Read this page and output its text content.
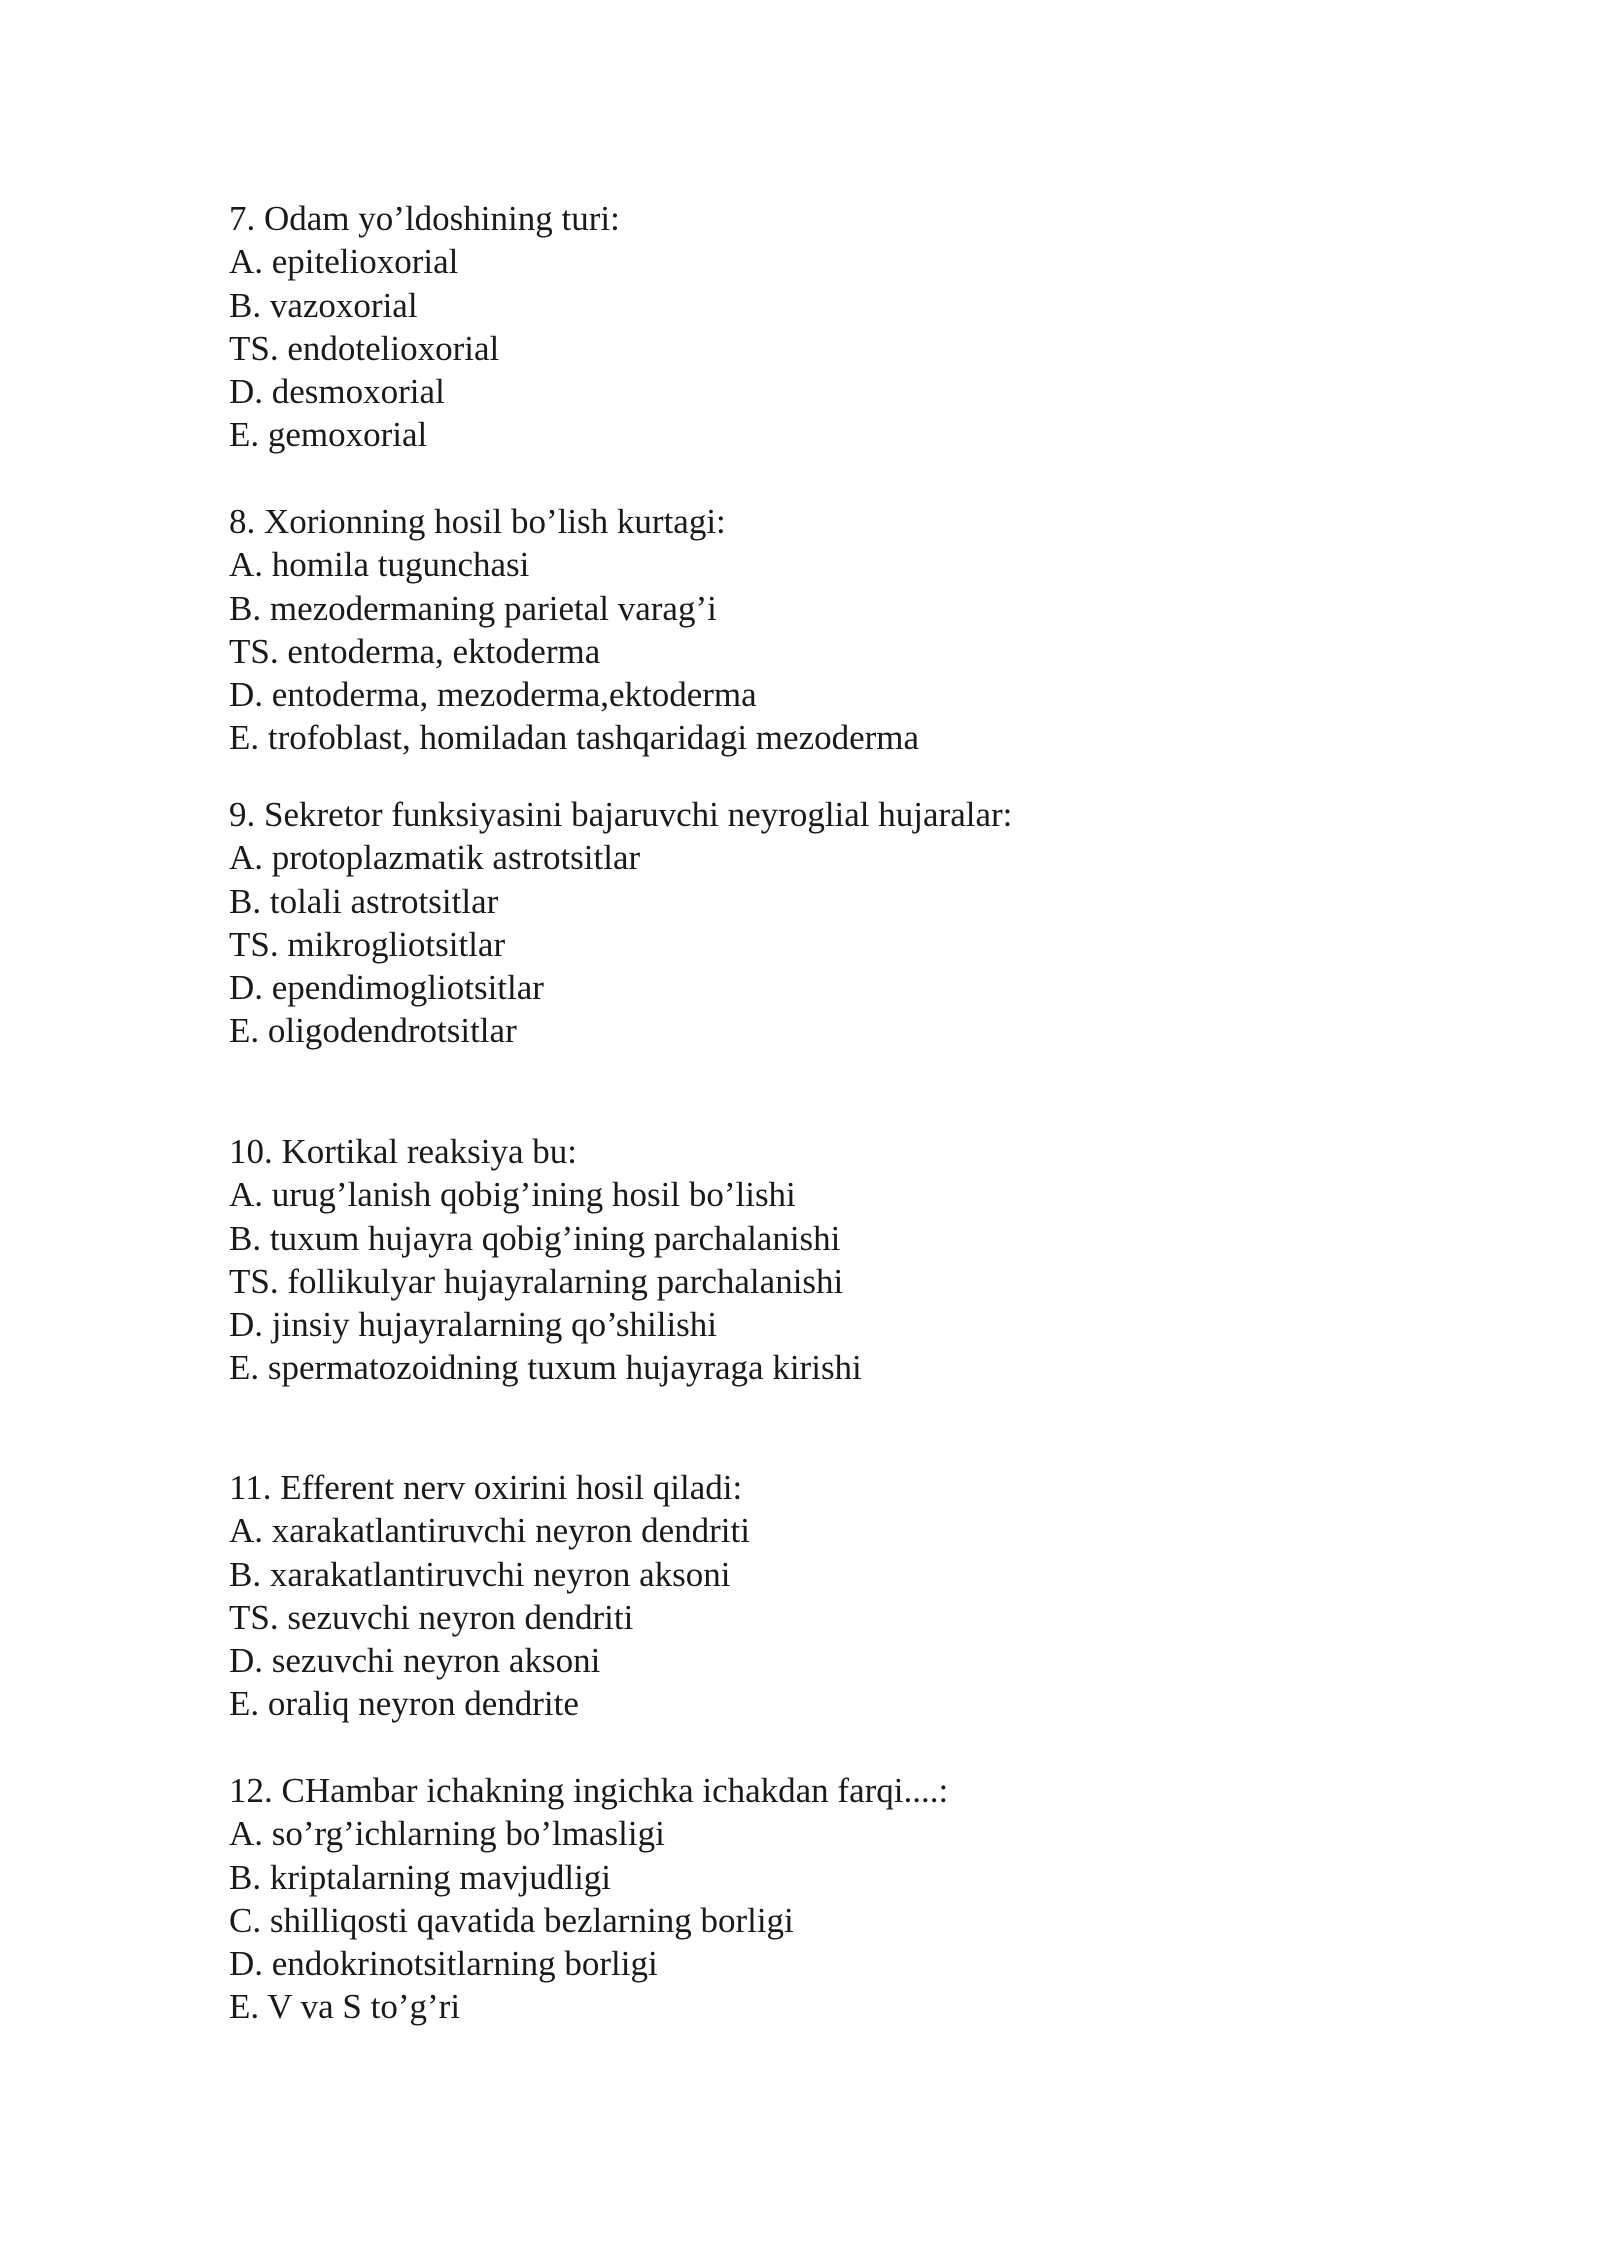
7. Odam yo’ldoshining turi:
A. epitelioxorial
B. vazoxorial
TS. endotelioxorial
D. desmoxorial
E. gemoxorial
8. Xorionning hosil bo’lish kurtagi:
A. homila tugunchasi
B. mezodermaning parietal varag’i
TS. entoderma, ektoderma
D. entoderma, mezoderma,ektoderma
E. trofoblast, homiladan tashqaridagi mezoderma
9. Sekretor funksiyasini bajaruvchi neyroglial hujaralar:
A. protoplazmatik astrotsitlar
B. tolali astrotsitlar
TS. mikrogliotsitlar
D. ependimogliotsitlar
E. oligodendrotsitlar
10. Kortikal reaksiya bu:
A. urug’lanish qobig’ining hosil bo’lishi
B. tuxum hujayra qobig’ining parchalanishi
TS. follikulyar hujayralarning parchalanishi
D. jinsiy hujayralarning qo’shilishi
E. spermatozoidning tuxum hujayraga kirishi
11. Efferent nerv oxirini hosil qiladi:
A. xarakatlantiruvchi neyron dendriti
B. xarakatlantiruvchi neyron aksoni
TS. sezuvchi neyron dendriti
D. sezuvchi neyron aksoni
E. oraliq neyron dendrite
12. CHambar ichakning ingichka ichakdan farqi....:
A. so’rg’ichlarning bo’lmasligi
B. kriptalarning mavjudligi
C. shilliqosti qavatida bezlarning borligi
D. endokrinotsitlarning borligi
E. V va S to’g’ri
